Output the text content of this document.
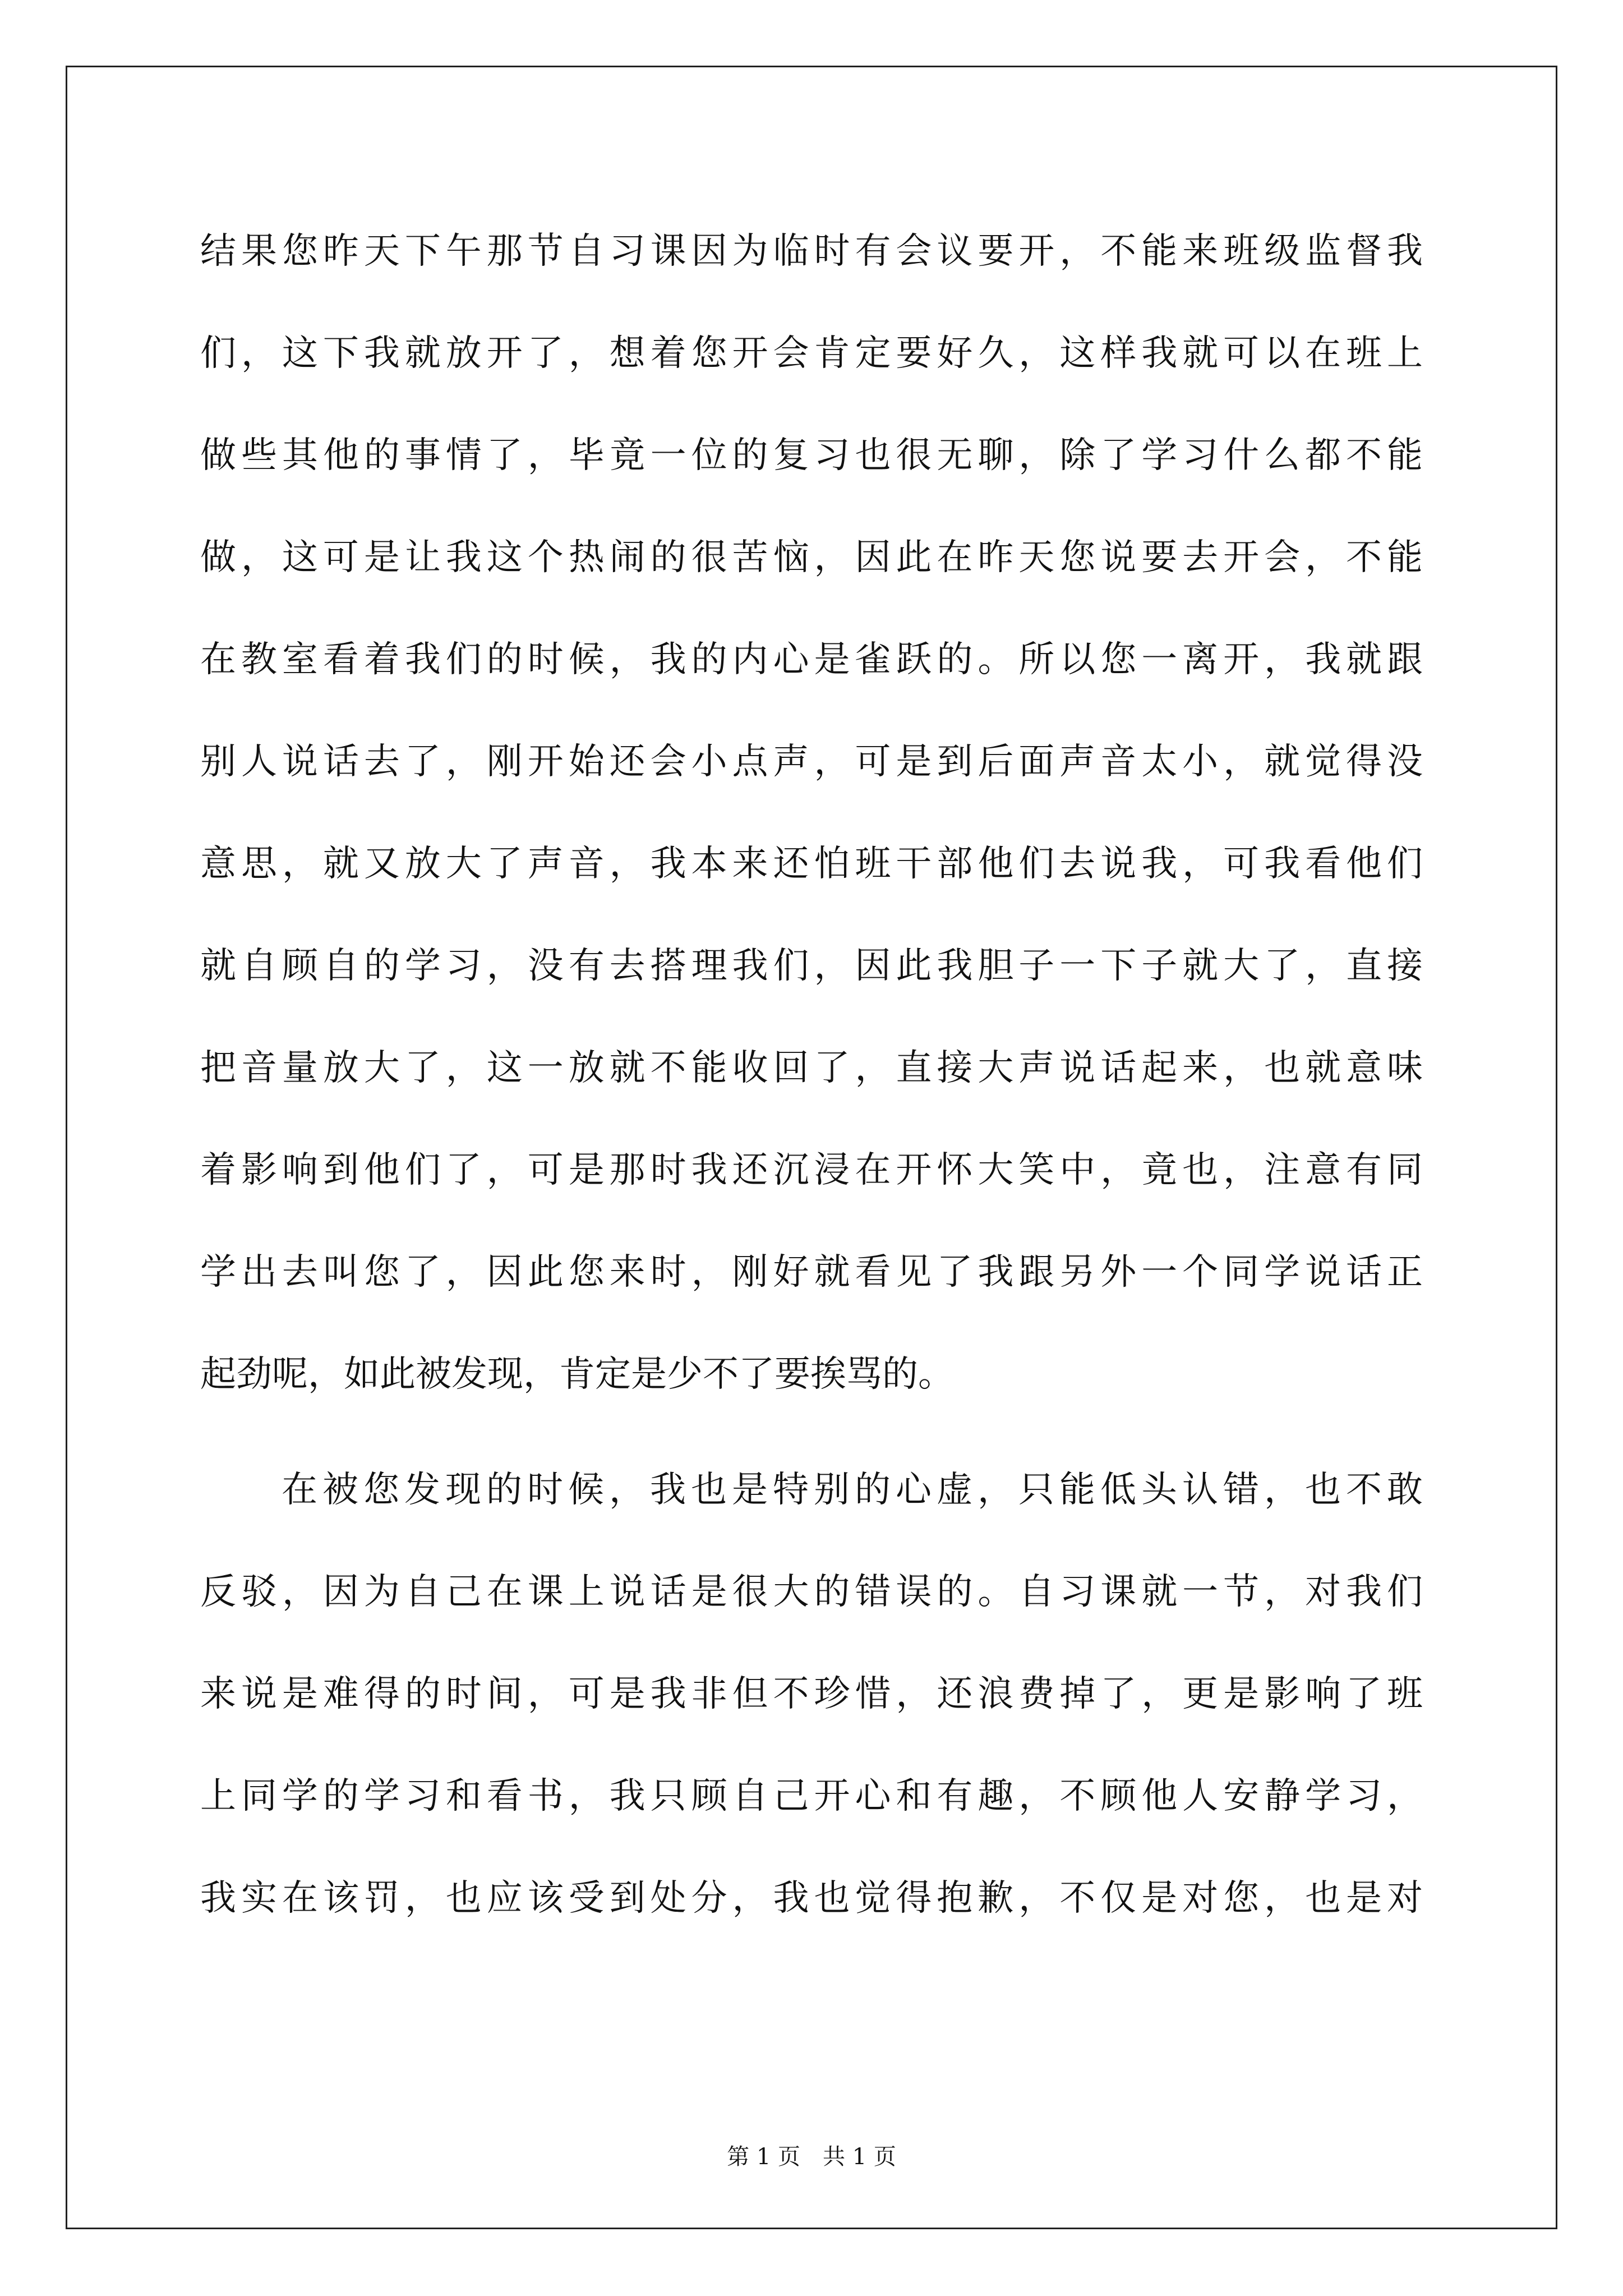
结果您昨天下午那节自习课因为临时有会议要开，不能来班级监督我
们，这下我就放开了，想着您开会肯定要好久，这样我就可以在班上
做些其他的事情了，毕竟一位的复习也很无聊，除了学习什么都不能
做，这可是让我这个热闹的很苦恼，因此在昨天您说要去开会，不能
在教室看着我们的时候，我的内心是雀跃的。所以您一离开，我就跟
别人说话去了，刚开始还会小点声，可是到后面声音太小，就觉得没
意思，就又放大了声音，我本来还怕班干部他们去说我，可我看他们
就自顾自的学习，没有去搭理我们，因此我胆子一下子就大了，直接
把音量放大了，这一放就不能收回了，直接大声说话起来，也就意味
着影响到他们了，可是那时我还沉浸在开怀大笑中，竟也，注意有同
学出去叫您了，因此您来时，刚好就看见了我跟另外一个同学说话正
起劲呢，如此被发现，肯定是少不了要挨骂的。
在被您发现的时候，我也是特别的心虚，只能低头认错，也不敢
反驳，因为自己在课上说话是很大的错误的。自习课就一节，对我们
来说是难得的时间，可是我非但不珍惜，还浪费掉了，更是影响了班
上同学的学习和看书，我只顾自己开心和有趣，不顾他人安静学习，
我实在该罚，也应该受到处分，我也觉得抱歉，不仅是对您，也是对
第 1 页　共 1 页
